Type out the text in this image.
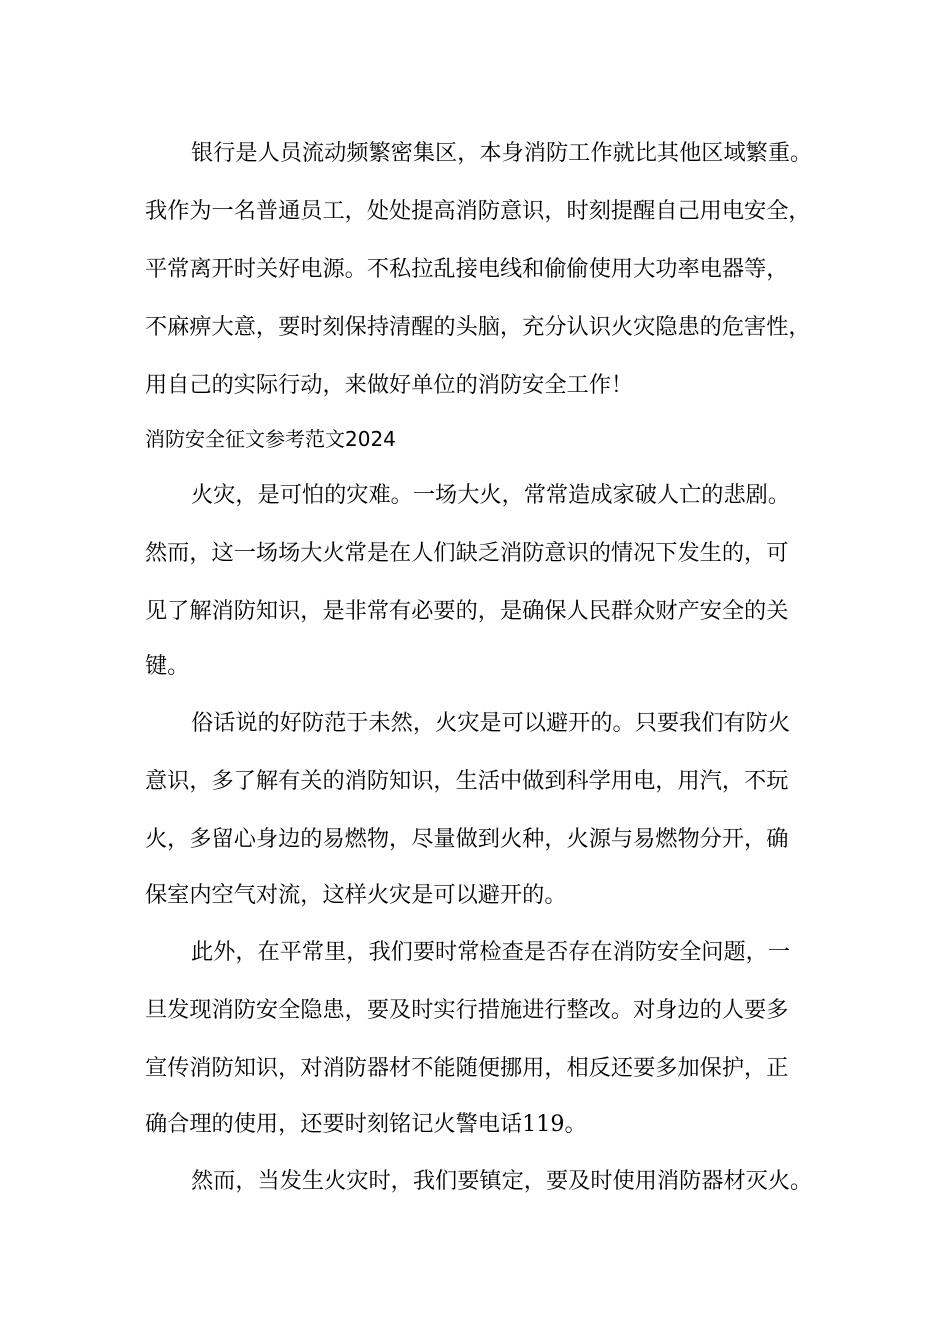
银行是人员流动频繁密集区，本身消防工作就比其他区域繁重。
我作为一名普通员工，处处提高消防意识，时刻提醒自己用电安全，
平常离开时关好电源。不私拉乱接电线和偷偷使用大功率电器等，
不麻痹大意，要时刻保持清醒的头脑，充分认识火灾隐患的危害性，
用自己的实际行动，来做好单位的消防安全工作！
消防安全征文参考范文2024
火灾，是可怕的灾难。一场大火，常常造成家破人亡的悲剧。
然而，这一场场大火常是在人们缺乏消防意识的情况下发生的，可
见了解消防知识，是非常有必要的，是确保人民群众财产安全的关
键。
俗话说的好防范于未然，火灾是可以避开的。只要我们有防火
意识，多了解有关的消防知识，生活中做到科学用电，用汽，不玩
火，多留心身边的易燃物，尽量做到火种，火源与易燃物分开，确
保室内空气对流，这样火灾是可以避开的。
此外，在平常里，我们要时常检查是否存在消防安全问题，一
旦发现消防安全隐患，要及时实行措施进行整改。对身边的人要多
宣传消防知识，对消防器材不能随便挪用，相反还要多加保护，正
确合理的使用，还要时刻铭记火警电话119。
然而，当发生火灾时，我们要镇定，要及时使用消防器材灭火。
